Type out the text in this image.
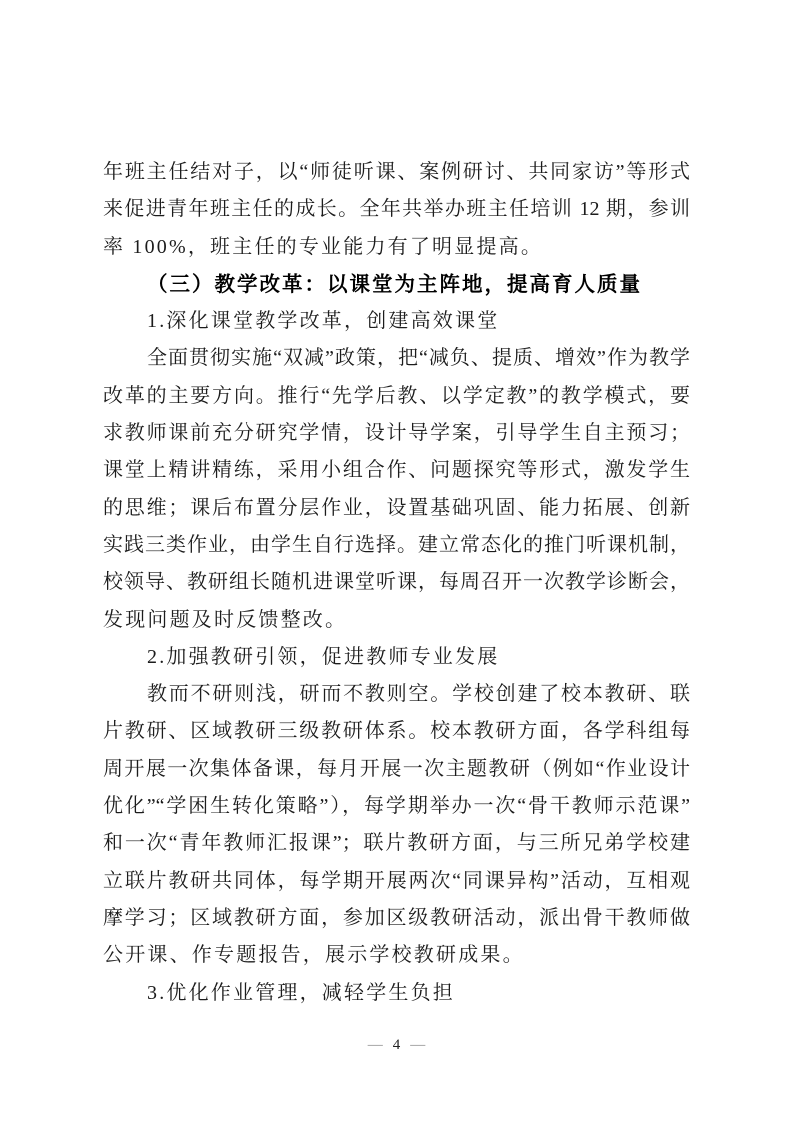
年班主任结对子，以“师徒听课、案例研讨、共同家访”等形式
来促进青年班主任的成长。全年共举办班主任培训 12 期，参训
率 100%，班主任的专业能力有了明显提高。
（三）教学改革：以课堂为主阵地，提高育人质量
1.深化课堂教学改革，创建高效课堂
全面贯彻实施“双减”政策，把“减负、提质、增效”作为教学
改革的主要方向。推行“先学后教、以学定教”的教学模式，要
求教师课前充分研究学情，设计导学案，引导学生自主预习；
课堂上精讲精练，采用小组合作、问题探究等形式，激发学生
的思维；课后布置分层作业，设置基础巩固、能力拓展、创新
实践三类作业，由学生自行选择。建立常态化的推门听课机制，
校领导、教研组长随机进课堂听课，每周召开一次教学诊断会，
发现问题及时反馈整改。
2.加强教研引领，促进教师专业发展
教而不研则浅，研而不教则空。学校创建了校本教研、联
片教研、区域教研三级教研体系。校本教研方面，各学科组每
周开展一次集体备课，每月开展一次主题教研（例如“作业设计
优化”“学困生转化策略”），每学期举办一次“骨干教师示范课”
和一次“青年教师汇报课”；联片教研方面，与三所兄弟学校建
立联片教研共同体，每学期开展两次“同课异构”活动，互相观
摩学习；区域教研方面，参加区级教研活动，派出骨干教师做
公开课、作专题报告，展示学校教研成果。
3.优化作业管理，减轻学生负担
— 4 —
